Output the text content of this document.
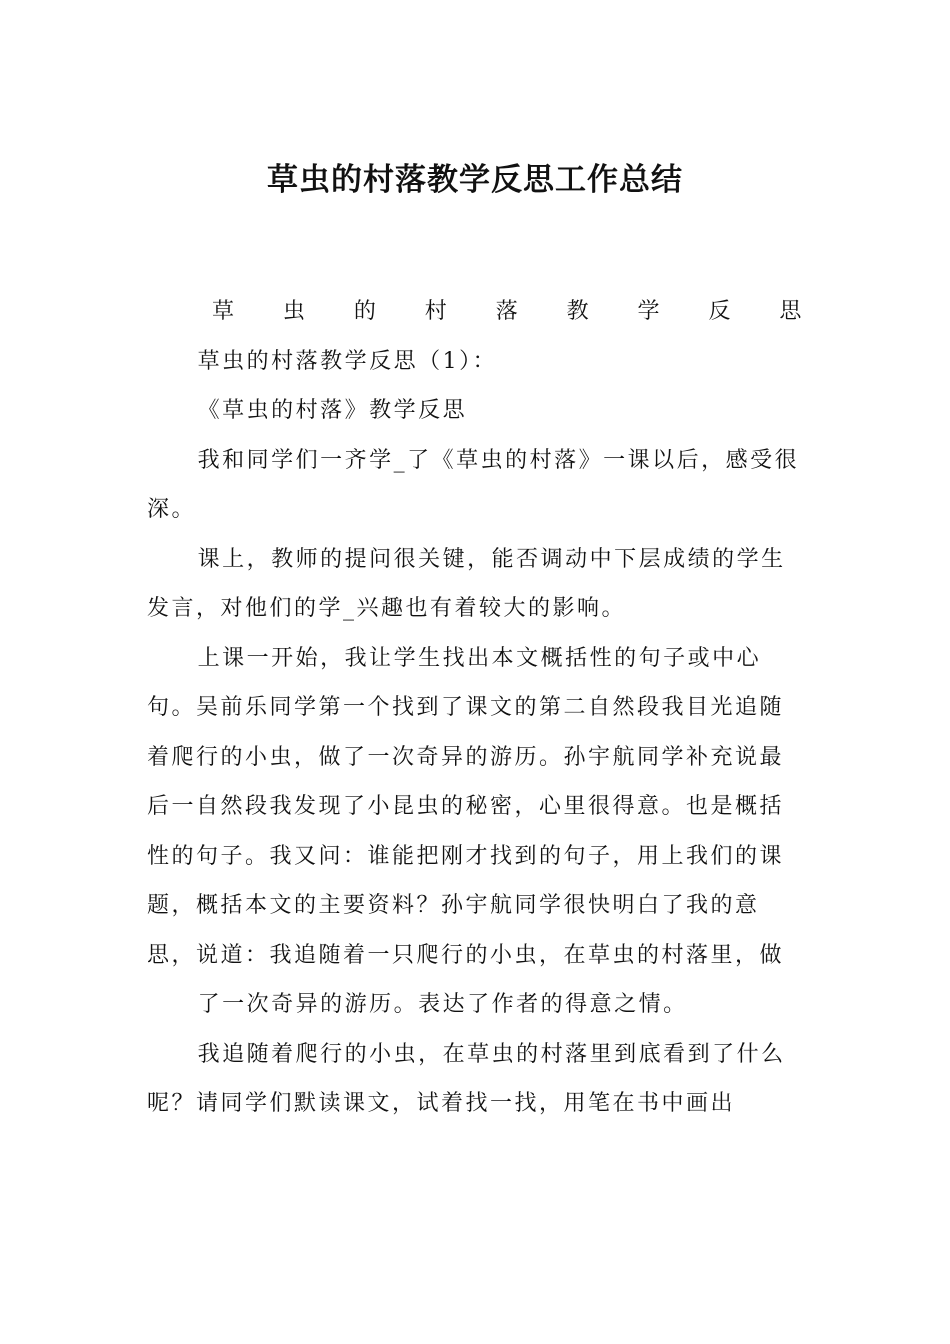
草虫的村落教学反思工作总结
草 虫 的 村 落 教 学 反 思

草虫的村落教学反思（1）：

《草虫的村落》教学反思

我和同学们一齐学_了《草虫的村落》一课以后，感受很深。

课上，教师的提问很关键，能否调动中下层成绩的学生发言，对他们的学_兴趣也有着较大的影响。

上课一开始，我让学生找出本文概括性的句子或中心句。吴前乐同学第一个找到了课文的第二自然段我目光追随着爬行的小虫，做了一次奇异的游历。孙宇航同学补充说最后一自然段我发现了小昆虫的秘密，心里很得意。也是概括性的句子。我又问：谁能把刚才找到的句子，用上我们的课题，概括本文的主要资料？孙宇航同学很快明白了我的意思，说道：我追随着一只爬行的小虫，在草虫的村落里，做

了一次奇异的游历。表达了作者的得意之情。

我追随着爬行的小虫，在草虫的村落里到底看到了什么呢？请同学们默读课文，试着找一找，用笔在书中画出
